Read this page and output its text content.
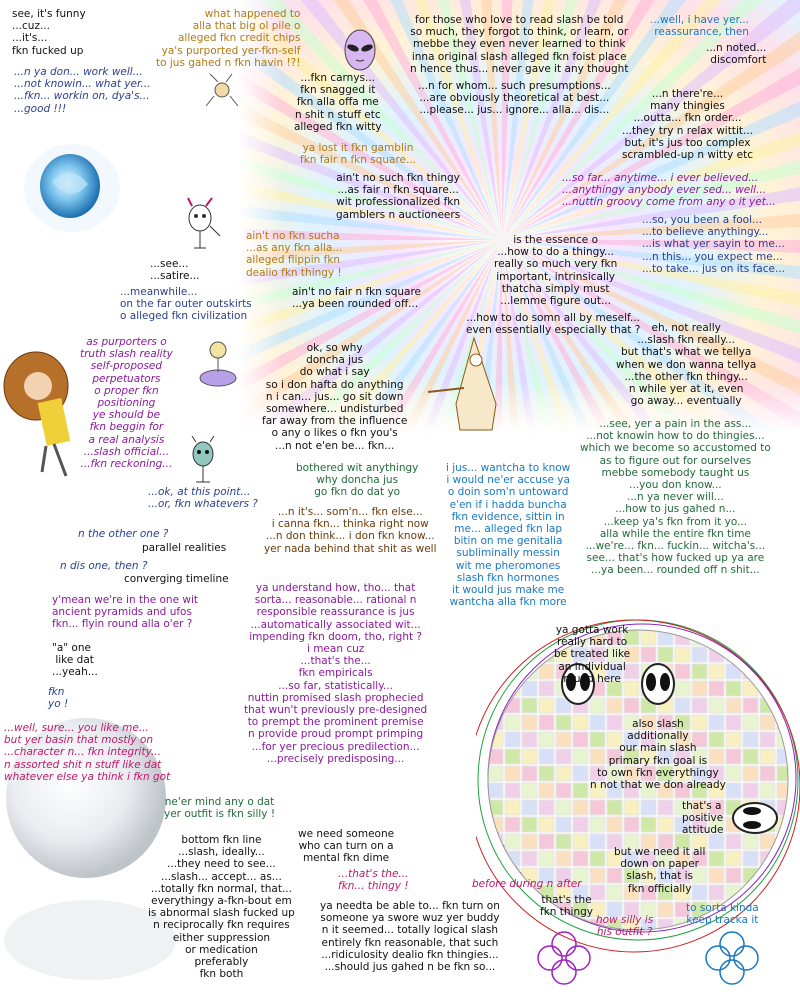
see, it's funny
...cuz...
...it's...
fkn fucked up
...n ya don... work well...
...not knowin... what yer...
...fkn... workin on, dya's...
...good !!!
what happened to
alla that big ol pile o
alleged fkn credit chips
ya's purported yer-fkn-self
to jus gahed n fkn havin !?!
for those who love to read slash be told
so much, they forgot to think, or learn, or
mebbe they even never learned to think
inna original slash alleged fkn foist place
n hence thus... never gave it any thought
...n for whom... such presumptions...
...are obviously theoretical at best...
...please... jus... ignore... alla... dis...
...well, i have yer...
reassurance, then
...n noted...
discomfort
...fkn carnys...
fkn snagged it
fkn alla offa me
n shit n stuff etc
alleged fkn witty
ya lost it fkn gamblin
fkn fair n fkn square...
...n there're...
many thingies
...outta... fkn order...
...they try n relax wittit...
but, it's jus too complex
scrambled-up n witty etc
ain't no such fkn thingy
...as fair n fkn square...
wit professionalized fkn
gamblers n auctioneers
...so far... anytime... i ever believed...
...anythingy anybody ever sed... well...
...nuttin groovy come from any o it yet...
...so, you been a fool...
...to believe anythingy...
...is what yer sayin to me...
...n this... you expect me...
...to take... jus on its face...
ain't no fkn sucha
...as any fkn alla...
alleged flippin fkn
dealio fkn thingy !
is the essence o
...how to do a thingy...
really so much very fkn
important, intrinsically
thatcha simply must
...lemme figure out...
...see...
...satire...
...meanwhile...
on the far outer outskirts
o alleged fkn civilization
ain't no fair n fkn square
...ya been rounded off...
...how to do somn all by meself...
even essentially especially that ?
as purporters o
truth slash reality
self-proposed
perpetuators
o proper fkn
positioning
ye should be
fkn beggin for
a real analysis
...slash official...
...fkn reckoning...
ok, so why
doncha jus
do what i say
so i don hafta do anything
n i can... jus... go sit down
somewhere... undisturbed
far away from the influence
o any o likes o fkn you's
...n not e'en be... fkn...
eh, not really
...slash fkn really...
but that's what we tellya
when we don wanna tellya
...the other fkn thingy...
n while yer at it, even
go away... eventually
...see, yer a pain in the ass...
...not knowin how to do thingies...
which we become so accustomed to
as to figure out for ourselves
mebbe somebody taught us
...you don know...
...n ya never will...
...how to jus gahed n...
...keep ya's fkn from it yo...
alla while the entire fkn time
...we're... fkn... fuckin... witcha's...
see... that's how fucked up ya are
...ya been... rounded off n shit...
bothered wit anythingy
why doncha jus
go fkn do dat yo
i jus... wantcha to know
i would ne'er accuse ya
o doin som'n untoward
e'en if i hadda buncha
fkn evidence, sittin in
me... alleged fkn lap
bitin on me genitalia
subliminally messin
wit me pheromones
slash fkn hormones
it would jus make me
wantcha alla fkn more
...ok, at this point...
...or, fkn whatevers ?
...n it's... som'n... fkn else...
i canna fkn... thinka right now
...n don think... i don fkn know...
yer nada behind that shit as well
n the other one ?
parallel realities
n dis one, then ?
converging timeline
ya understand how, tho... that
sorta... reasonable... rational n
responsible reassurance is jus
...automatically associated wit...
impending fkn doom, tho, right ?
i mean cuz
...that's the...
fkn empiricals
...so far, statistically...
nuttin promised slash prophecied
that wun't previously pre-designed
to prempt the prominent premise
n provide proud prompt primping
...for yer precious predilection...
...precisely predisposing...
y'mean we're in the one wit
ancient pyramids and ufos
fkn... flyin round alla o'er ?
"a" one
like dat
...yeah...
fkn
yo !
ya gotta work
really hard to
be treated like
an individual
round here
...well, sure... you like me...
but yer basin that mostly on
...character n... fkn integrity...
n assorted shit n stuff like dat
whatever else ya think i fkn got
also slash
additionally
our main slash
primary fkn goal is
to own fkn everythingy
n not that we don already
ne'er mind any o dat
yer outfit is fkn silly !
that's a
positive
attitude
bottom fkn line
...slash, ideally...
...they need to see...
...slash... accept... as...
...totally fkn normal, that...
everythingy a-fkn-bout em
is abnormal slash fucked up
n reciprocally fkn requires
either suppression
or medication
preferably
fkn both
we need someone
who can turn on a
mental fkn dime
but we need it all
down on paper
slash, that is
fkn officially
...that's the...
fkn... thingy !	before during n after
that's the
fkn thingy	to sorta kinda
keep tracka it
ya needta be able to... fkn turn on
someone ya swore wuz yer buddy
n it seemed... totally logical slash
entirely fkn reasonable, that such
...ridiculosity dealio fkn thingies...
...should jus gahed n be fkn so...
how silly is
his outfit ?
